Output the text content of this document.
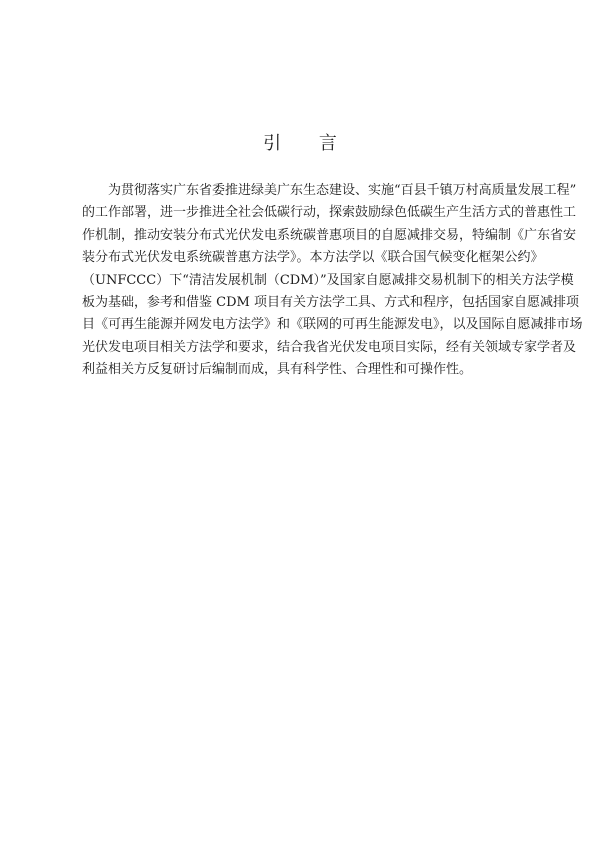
引 言
为贯彻落实广东省委推进绿美广东生态建设、实施“百县千镇万村高质量发展工程”
的工作部署，进一步推进全社会低碳行动，探索鼓励绿色低碳生产生活方式的普惠性工
作机制，推动安装分布式光伏发电系统碳普惠项目的自愿减排交易，特编制《广东省安
装分布式光伏发电系统碳普惠方法学》。本方法学以《联合国气候变化框架公约》
（UNFCCC）下“清洁发展机制（CDM）”及国家自愿减排交易机制下的相关方法学模
板为基础，参考和借鉴 CDM 项目有关方法学工具、方式和程序，包括国家自愿减排项
目《可再生能源并网发电方法学》和《联网的可再生能源发电》，以及国际自愿减排市场
光伏发电项目相关方法学和要求，结合我省光伏发电项目实际，经有关领域专家学者及
利益相关方反复研讨后编制而成，具有科学性、合理性和可操作性。
